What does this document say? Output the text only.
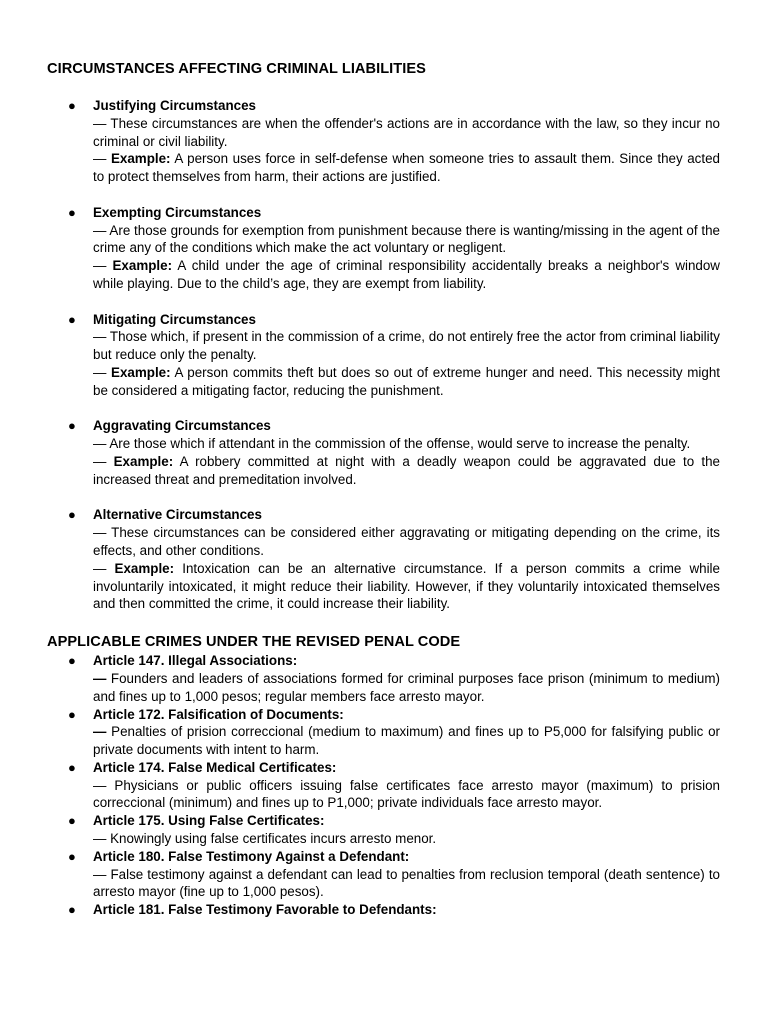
CIRCUMSTANCES AFFECTING CRIMINAL LIABILITIES
● Justifying Circumstances
— These circumstances are when the offender's actions are in accordance with the law, so they incur no criminal or civil liability.
— Example: A person uses force in self-defense when someone tries to assault them. Since they acted to protect themselves from harm, their actions are justified.
● Exempting Circumstances
— Are those grounds for exemption from punishment because there is wanting/missing in the agent of the crime any of the conditions which make the act voluntary or negligent.
— Example: A child under the age of criminal responsibility accidentally breaks a neighbor's window while playing. Due to the child’s age, they are exempt from liability.
● Mitigating Circumstances
— Those which, if present in the commission of a crime, do not entirely free the actor from criminal liability but reduce only the penalty.
— Example: A person commits theft but does so out of extreme hunger and need. This necessity might be considered a mitigating factor, reducing the punishment.
● Aggravating Circumstances
— Are those which if attendant in the commission of the offense, would serve to increase the penalty.
— Example: A robbery committed at night with a deadly weapon could be aggravated due to the increased threat and premeditation involved.
● Alternative Circumstances
— These circumstances can be considered either aggravating or mitigating depending on the crime, its effects, and other conditions.
— Example: Intoxication can be an alternative circumstance. If a person commits a crime while involuntarily intoxicated, it might reduce their liability. However, if they voluntarily intoxicated themselves and then committed the crime, it could increase their liability.
APPLICABLE CRIMES UNDER THE REVISED PENAL CODE
● Article 147. Illegal Associations:
— Founders and leaders of associations formed for criminal purposes face prison (minimum to medium) and fines up to 1,000 pesos; regular members face arresto mayor.
● Article 172. Falsification of Documents:
— Penalties of prision correccional (medium to maximum) and fines up to P5,000 for falsifying public or private documents with intent to harm.
● Article 174. False Medical Certificates:
— Physicians or public officers issuing false certificates face arresto mayor (maximum) to prision correccional (minimum) and fines up to P1,000; private individuals face arresto mayor.
● Article 175. Using False Certificates:
— Knowingly using false certificates incurs arresto menor.
● Article 180. False Testimony Against a Defendant:
— False testimony against a defendant can lead to penalties from reclusion temporal (death sentence) to arresto mayor (fine up to 1,000 pesos).
● Article 181. False Testimony Favorable to Defendants:
